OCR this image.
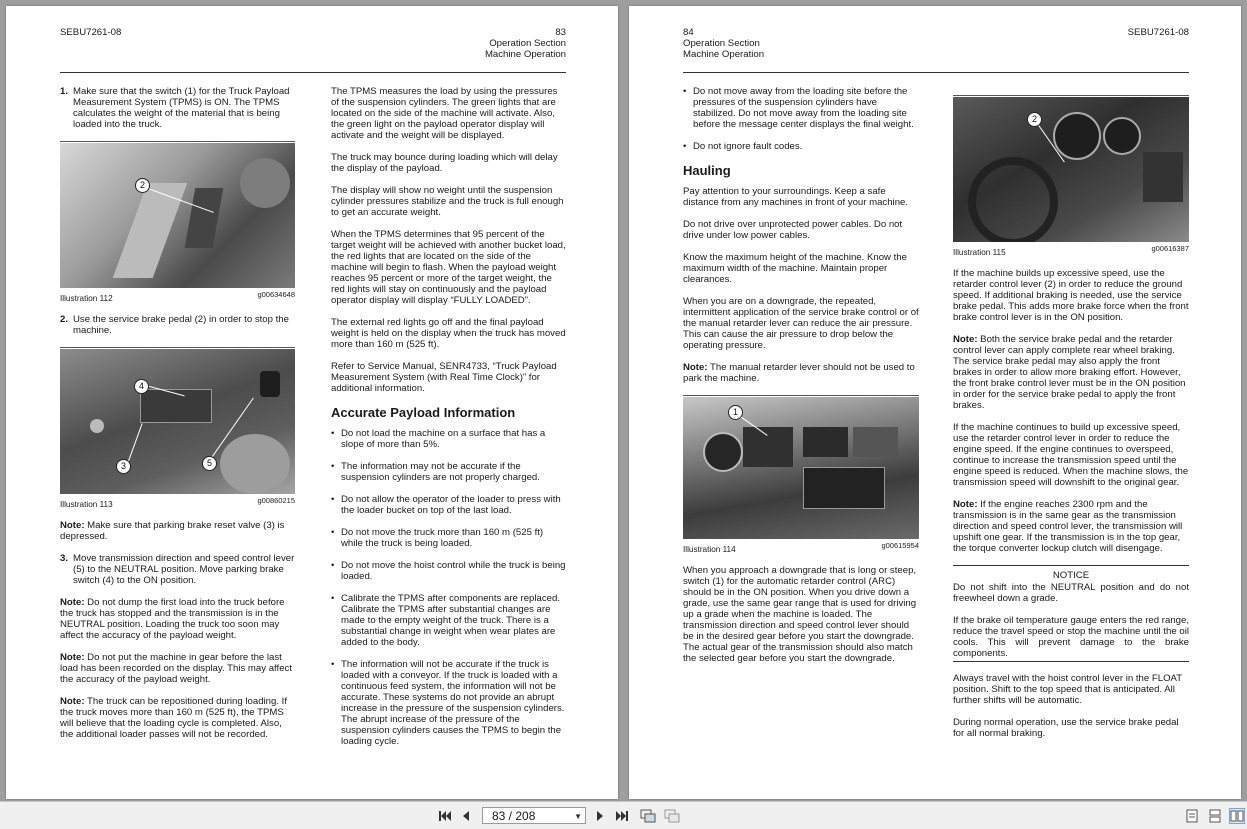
SEBU7261-08	83
Operation Section
Machine Operation
1. Make sure that the switch (1) for the Truck Payload Measurement System (TPMS) is ON. The TPMS calculates the weight of the material that is being loaded into the truck.
2
Illustration 112	g00634648
2. Use the service brake pedal (2) in order to stop the machine.
4
3	5
Illustration 113	g00860215

Note: Make sure that parking brake reset valve (3) is depressed.

3. Move transmission direction and speed control lever (5) to the NEUTRAL position. Move parking brake switch (4) to the ON position.

Note: Do not dump the first load into the truck before the truck has stopped and the transmission is in the NEUTRAL position. Loading the truck too soon may affect the accuracy of the payload weight.

Note: Do not put the machine in gear before the last load has been recorded on the display. This may affect the accuracy of the payload weight.

Note: The truck can be repositioned during loading. If the truck moves more than 160 m (525 ft), the TPMS will believe that the loading cycle is completed. Also, the additional loader passes will not be recorded.

The TPMS measures the load by using the pressures of the suspension cylinders. The green lights that are located on the side of the machine will activate. Also, the green light on the payload operator display will activate and the weight will be displayed.

The truck may bounce during loading which will delay the display of the payload.

The display will show no weight until the suspension cylinder pressures stabilize and the truck is full enough to get an accurate weight.

When the TPMS determines that 95 percent of the target weight will be achieved with another bucket load, the red lights that are located on the side of the machine will begin to flash. When the payload weight reaches 95 percent or more of the target weight, the red lights will stay on continuously and the payload operator display will display “FULLY LOADED”.

The external red lights go off and the final payload weight is held on the display when the truck has moved more than 160 m (525 ft).

Refer to Service Manual, SENR4733, “Truck Payload Measurement System (with Real Time Clock)” for additional information.

Accurate Payload Information
• Do not load the machine on a surface that has a slope of more than 5%.
• The information may not be accurate if the suspension cylinders are not properly charged.
• Do not allow the operator of the loader to press with the loader bucket on top of the last load.
• Do not move the truck more than 160 m (525 ft) while the truck is being loaded.
• Do not move the hoist control while the truck is being loaded.
• Calibrate the TPMS after components are replaced. Calibrate the TPMS after substantial changes are made to the empty weight of the truck. There is a substantial change in weight when wear plates are added to the body.
• The information will not be accurate if the truck is loaded with a conveyor. If the truck is loaded with a continuous feed system, the information will not be accurate. These systems do not provide an abrupt increase in the pressure of the suspension cylinders. The abrupt increase of the pressure of the suspension cylinders causes the TPMS to begin the loading cycle.
84
Operation Section
Machine Operation
SEBU7261-08
• Do not move away from the loading site before the pressures of the suspension cylinders have stabilized. Do not move away from the loading site before the message center displays the final weight.
• Do not ignore fault codes.
Hauling

Pay attention to your surroundings. Keep a safe distance from any machines in front of your machine.

Do not drive over unprotected power cables. Do not drive under low power cables.

Know the maximum height of the machine. Know the maximum width of the machine. Maintain proper clearances.

When you are on a downgrade, the repeated, intermittent application of the service brake control or of the manual retarder lever can reduce the air pressure. This can cause the air pressure to drop below the operating pressure.

Note: The manual retarder lever should not be used to park the machine.

1
Illustration 114	g00615954

When you approach a downgrade that is long or steep, switch (1) for the automatic retarder control (ARC) should be in the ON position. When you drive down a grade, use the same gear range that is used for driving up a grade when the machine is loaded. The transmission direction and speed control lever should be in the desired gear before you start the downgrade. The actual gear of the transmission should also match the selected gear before you start the downgrade.

2
Illustration 115	g00616387

If the machine builds up excessive speed, use the retarder control lever (2) in order to reduce the ground speed. If additional braking is needed, use the service brake pedal. This adds more brake force when the front brake control lever is in the ON position.

Note: Both the service brake pedal and the retarder control lever can apply complete rear wheel braking. The service brake pedal may also apply the front brakes in order to allow more braking effort. However, the front brake control lever must be in the ON position in order for the service brake pedal to apply the front brakes.

If the machine continues to build up excessive speed, use the retarder control lever in order to reduce the engine speed. If the engine continues to overspeed, continue to increase the transmission speed until the engine speed is reduced. When the machine slows, the transmission speed will downshift to the original gear.

Note: If the engine reaches 2300 rpm and the transmission is in the same gear as the transmission direction and speed control lever, the transmission will upshift one gear. If the transmission is in the top gear, the torque converter lockup clutch will disengage.

NOTICE

Do not shift into the NEUTRAL position and do not freewheel down a grade.

If the brake oil temperature gauge enters the red range, reduce the travel speed or stop the machine until the oil cools. This will prevent damage to the brake components.

Always travel with the hoist control lever in the FLOAT position. Shift to the top speed that is anticipated. All further shifts will be automatic.

During normal operation, use the service brake pedal for all normal braking.

83 / 208	▼
